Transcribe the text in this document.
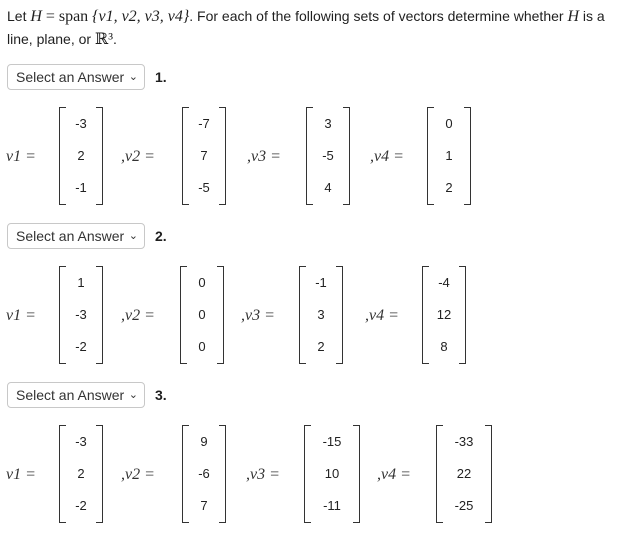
Let H = span {v1, v2, v3, v4}. For each of the following sets of vectors determine whether H is a line, plane, or ℝ³.
Select an Answer ⌄ 1.
v1 =
-3
2
-1
,v2 =
-7
7
-5
,v3 =
3
-5
4
,v4 =
0
1
2
Select an Answer ⌄ 2.
v1 =
1
-3
-2
,v2 =
0
0
0
,v3 =
-1
3
2
,v4 =
-4
12
8
Select an Answer ⌄ 3.
v1 =
-3
2
-2
,v2 =
9
-6
7
,v3 =
-15
10
-11
,v4 =
-33
22
-25
